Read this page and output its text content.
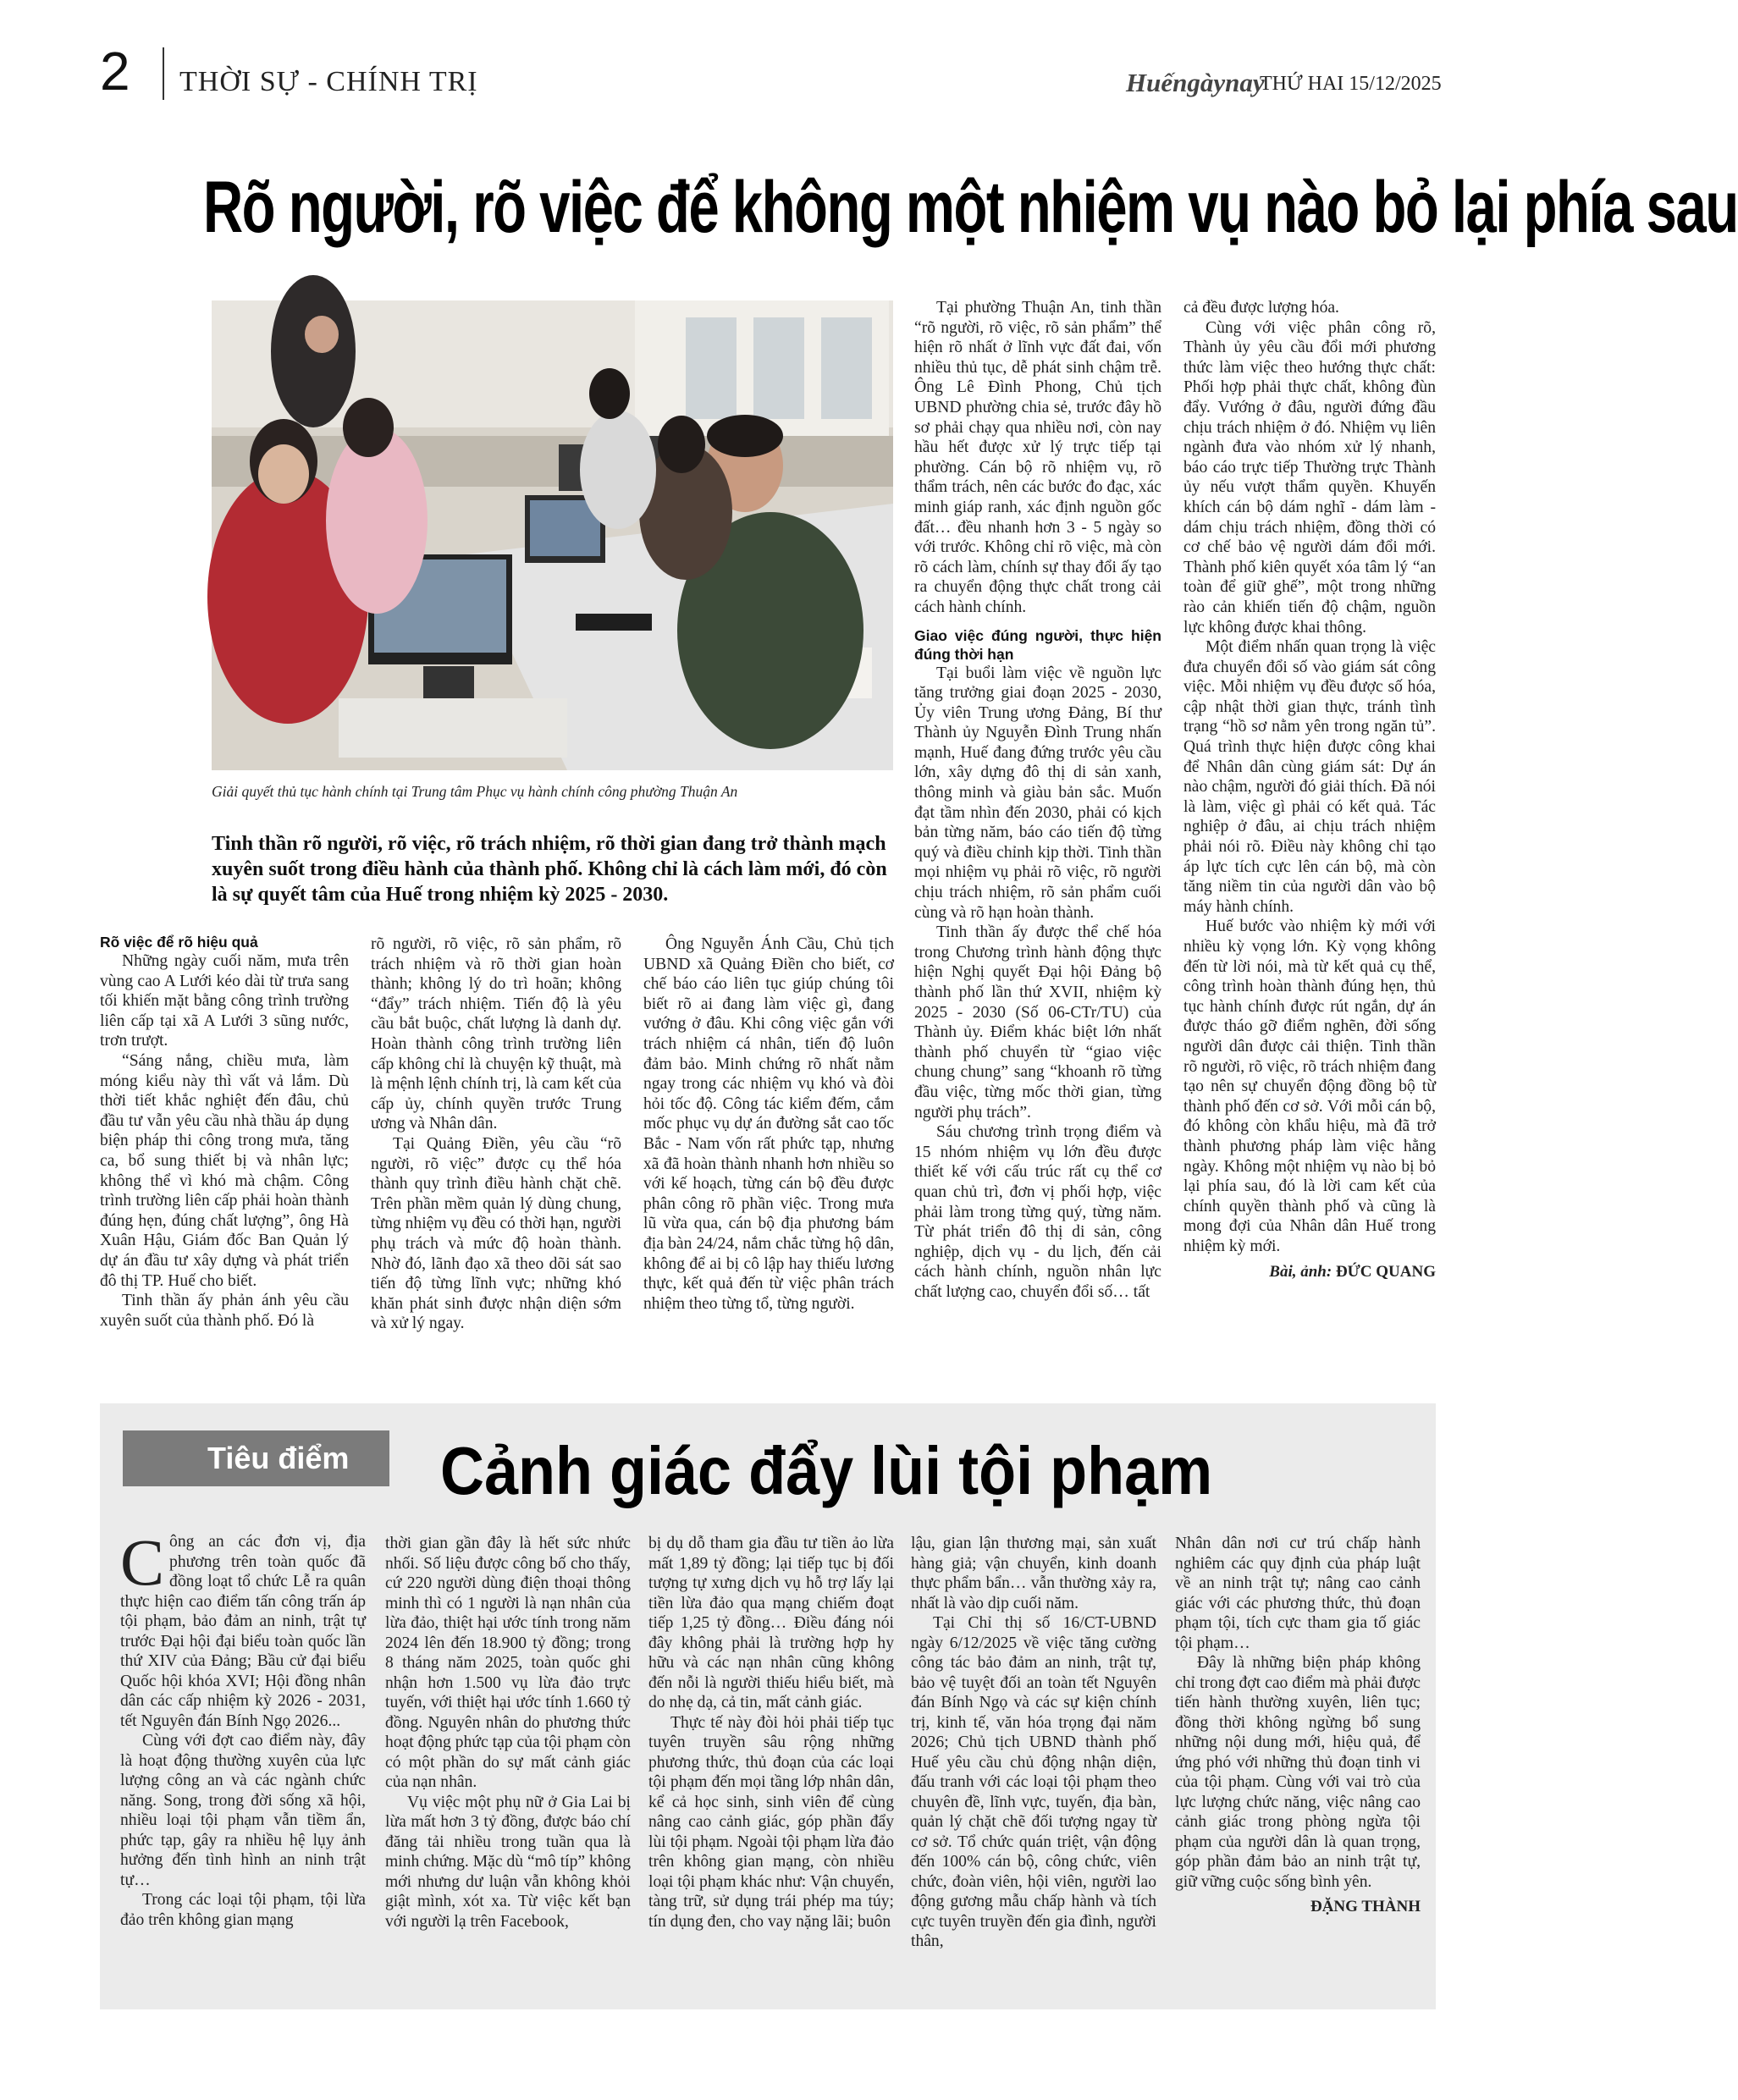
2 THỜI SỰ - CHÍNH TRỊ	Huếngàynay
THỨ HAI 15/12/2025
Rõ người, rõ việc để không một nhiệm vụ nào bỏ lại phía sau
Giải quyết thủ tục hành chính tại Trung tâm Phục vụ hành chính công phường Thuận An
Tinh thần rõ người, rõ việc, rõ trách nhiệm, rõ thời gian đang trở thành mạch xuyên suốt trong điều hành của thành phố. Không chỉ là cách làm mới, đó còn là sự quyết tâm của Huế trong nhiệm kỳ 2025 - 2030.
Rõ việc để rõ hiệu quả

Những ngày cuối năm, mưa trên vùng cao A Lưới kéo dài từ trưa sang tối khiến mặt bằng công trình trường liên cấp tại xã A Lưới 3 sũng nước, trơn trượt.

“Sáng nắng, chiều mưa, làm móng kiểu này thì vất vả lắm. Dù thời tiết khắc nghiệt đến đâu, chủ đầu tư vẫn yêu cầu nhà thầu áp dụng biện pháp thi công trong mưa, tăng ca, bổ sung thiết bị và nhân lực; không thể vì khó mà chậm. Công trình trường liên cấp phải hoàn thành đúng hẹn, đúng chất lượng”, ông Hà Xuân Hậu, Giám đốc Ban Quản lý dự án đầu tư xây dựng và phát triển đô thị TP. Huế cho biết.

Tinh thần ấy phản ánh yêu cầu xuyên suốt của thành phố. Đó là

rõ người, rõ việc, rõ sản phẩm, rõ trách nhiệm và rõ thời gian hoàn thành; không lý do trì hoãn; không “đẩy” trách nhiệm. Tiến độ là yêu cầu bắt buộc, chất lượng là danh dự. Hoàn thành công trình trường liên cấp không chỉ là chuyện kỹ thuật, mà là mệnh lệnh chính trị, là cam kết của cấp ủy, chính quyền trước Trung ương và Nhân dân.

Tại Quảng Điền, yêu cầu “rõ người, rõ việc” được cụ thể hóa thành quy trình điều hành chặt chẽ. Trên phần mềm quản lý dùng chung, từng nhiệm vụ đều có thời hạn, người phụ trách và mức độ hoàn thành. Nhờ đó, lãnh đạo xã theo dõi sát sao tiến độ từng lĩnh vực; những khó khăn phát sinh được nhận diện sớm và xử lý ngay.

Ông Nguyễn Ánh Cầu, Chủ tịch UBND xã Quảng Điền cho biết, cơ chế báo cáo liên tục giúp chúng tôi biết rõ ai đang làm việc gì, đang vướng ở đâu. Khi công việc gắn với trách nhiệm cá nhân, tiến độ luôn đảm bảo. Minh chứng rõ nhất nằm ngay trong các nhiệm vụ khó và đòi hỏi tốc độ. Công tác kiểm đếm, cắm mốc phục vụ dự án đường sắt cao tốc Bắc - Nam vốn rất phức tạp, nhưng xã đã hoàn thành nhanh hơn nhiều so với kế hoạch, từng cán bộ đều được phân công rõ phần việc. Trong mưa lũ vừa qua, cán bộ địa phương bám địa bàn 24/24, nắm chắc từng hộ dân, không để ai bị cô lập hay thiếu lương thực, kết quả đến từ việc phân trách nhiệm theo từng tổ, từng người.

Tại phường Thuận An, tinh thần “rõ người, rõ việc, rõ sản phẩm” thể hiện rõ nhất ở lĩnh vực đất đai, vốn nhiều thủ tục, dễ phát sinh chậm trễ. Ông Lê Đình Phong, Chủ tịch UBND phường chia sẻ, trước đây hồ sơ phải chạy qua nhiều nơi, còn nay hầu hết được xử lý trực tiếp tại phường. Cán bộ rõ nhiệm vụ, rõ thẩm trách, nên các bước đo đạc, xác minh giáp ranh, xác định nguồn gốc đất… đều nhanh hơn 3 - 5 ngày so với trước. Không chỉ rõ việc, mà còn rõ cách làm, chính sự thay đổi ấy tạo ra chuyển động thực chất trong cải cách hành chính.

Giao việc đúng người, thực hiện đúng thời hạn

Tại buổi làm việc về nguồn lực tăng trưởng giai đoạn 2025 - 2030, Ủy viên Trung ương Đảng, Bí thư Thành ủy Nguyễn Đình Trung nhấn mạnh, Huế đang đứng trước yêu cầu lớn, xây dựng đô thị di sản xanh, thông minh và giàu bản sắc. Muốn đạt tầm nhìn đến 2030, phải có kịch bản từng năm, báo cáo tiến độ từng quý và điều chỉnh kịp thời. Tinh thần mọi nhiệm vụ phải rõ việc, rõ người chịu trách nhiệm, rõ sản phẩm cuối cùng và rõ hạn hoàn thành.

Tinh thần ấy được thể chế hóa trong Chương trình hành động thực hiện Nghị quyết Đại hội Đảng bộ thành phố lần thứ XVII, nhiệm kỳ 2025 - 2030 (Số 06-CTr/TU) của Thành ủy. Điểm khác biệt lớn nhất thành phố chuyển từ “giao việc chung chung” sang “khoanh rõ từng đầu việc, từng mốc thời gian, từng người phụ trách”.

Sáu chương trình trọng điểm và 15 nhóm nhiệm vụ lớn đều được thiết kế với cấu trúc rất cụ thể cơ quan chủ trì, đơn vị phối hợp, việc phải làm trong từng quý, từng năm. Từ phát triển đô thị di sản, công nghiệp, dịch vụ - du lịch, đến cải cách hành chính, nguồn nhân lực chất lượng cao, chuyển đổi số… tất

cả đều được lượng hóa.

Cùng với việc phân công rõ, Thành ủy yêu cầu đổi mới phương thức làm việc theo hướng thực chất: Phối hợp phải thực chất, không đùn đẩy. Vướng ở đâu, người đứng đầu chịu trách nhiệm ở đó. Nhiệm vụ liên ngành đưa vào nhóm xử lý nhanh, báo cáo trực tiếp Thường trực Thành ủy nếu vượt thẩm quyền. Khuyến khích cán bộ dám nghĩ - dám làm - dám chịu trách nhiệm, đồng thời có cơ chế bảo vệ người dám đổi mới. Thành phố kiên quyết xóa tâm lý “an toàn để giữ ghế”, một trong những rào cản khiến tiến độ chậm, nguồn lực không được khai thông.

Một điểm nhấn quan trọng là việc đưa chuyển đổi số vào giám sát công việc. Mỗi nhiệm vụ đều được số hóa, cập nhật thời gian thực, tránh tình trạng “hồ sơ nằm yên trong ngăn tủ”. Quá trình thực hiện được công khai để Nhân dân cùng giám sát: Dự án nào chậm, người đó giải thích. Đã nói là làm, việc gì phải có kết quả. Tác nghiệp ở đâu, ai chịu trách nhiệm phải nói rõ. Điều này không chỉ tạo áp lực tích cực lên cán bộ, mà còn tăng niềm tin của người dân vào bộ máy hành chính.

Huế bước vào nhiệm kỳ mới với nhiều kỳ vọng lớn. Kỳ vọng không đến từ lời nói, mà từ kết quả cụ thể, công trình hoàn thành đúng hẹn, thủ tục hành chính được rút ngắn, dự án được tháo gỡ điểm nghẽn, đời sống người dân được cải thiện. Tinh thần rõ người, rõ việc, rõ trách nhiệm đang tạo nên sự chuyển động đồng bộ từ thành phố đến cơ sở. Với mỗi cán bộ, đó không còn khẩu hiệu, mà đã trở thành phương pháp làm việc hằng ngày. Không một nhiệm vụ nào bị bỏ lại phía sau, đó là lời cam kết của chính quyền thành phố và cũng là mong đợi của Nhân dân Huế trong nhiệm kỳ mới.

Bài, ảnh: ĐỨC QUANG
Tiêu điểm	Cảnh giác đẩy lùi tội phạm

Công an các đơn vị, địa phương trên toàn quốc đã đồng loạt tổ chức Lễ ra quân thực hiện cao điểm tấn công trấn áp tội phạm, bảo đảm an ninh, trật tự trước Đại hội đại biểu toàn quốc lần thứ XIV của Đảng; Bầu cử đại biểu Quốc hội khóa XVI; Hội đồng nhân dân các cấp nhiệm kỳ 2026 - 2031, tết Nguyên đán Bính Ngọ 2026...

Cùng với đợt cao điểm này, đây là hoạt động thường xuyên của lực lượng công an và các ngành chức năng. Song, trong đời sống xã hội, nhiều loại tội phạm vẫn tiềm ẩn, phức tạp, gây ra nhiều hệ lụy ảnh hưởng đến tình hình an ninh trật tự…

Trong các loại tội phạm, tội lừa đảo trên không gian mạng

thời gian gần đây là hết sức nhức nhối. Số liệu được công bố cho thấy, cứ 220 người dùng điện thoại thông minh thì có 1 người là nạn nhân của lừa đảo, thiệt hại ước tính trong năm 2024 lên đến 18.900 tỷ đồng; trong 8 tháng năm 2025, toàn quốc ghi nhận hơn 1.500 vụ lừa đảo trực tuyến, với thiệt hại ước tính 1.660 tỷ đồng. Nguyên nhân do phương thức hoạt động phức tạp của tội phạm còn có một phần do sự mất cảnh giác của nạn nhân.

Vụ việc một phụ nữ ở Gia Lai bị lừa mất hơn 3 tỷ đồng, được báo chí đăng tải nhiều trong tuần qua là minh chứng. Mặc dù “mô típ” không mới nhưng dư luận vẫn không khỏi giật mình, xót xa. Từ việc kết bạn với người lạ trên Facebook,

bị dụ dỗ tham gia đầu tư tiền ảo lừa mất 1,89 tỷ đồng; lại tiếp tục bị đối tượng tự xưng dịch vụ hỗ trợ lấy lại tiền lừa đảo qua mạng chiếm đoạt tiếp 1,25 tỷ đồng… Điều đáng nói đây không phải là trường hợp hy hữu và các nạn nhân cũng không đến nỗi là người thiếu hiểu biết, mà do nhẹ dạ, cả tin, mất cảnh giác.

Thực tế này đòi hỏi phải tiếp tục tuyên truyền sâu rộng những phương thức, thủ đoạn của các loại tội phạm đến mọi tầng lớp nhân dân, kể cả học sinh, sinh viên để cùng nâng cao cảnh giác, góp phần đẩy lùi tội phạm. Ngoài tội phạm lừa đảo trên không gian mạng, còn nhiều loại tội phạm khác như: Vận chuyển, tàng trữ, sử dụng trái phép ma túy; tín dụng đen, cho vay nặng lãi; buôn

lậu, gian lận thương mại, sản xuất hàng giả; vận chuyển, kinh doanh thực phẩm bẩn… vẫn thường xảy ra, nhất là vào dịp cuối năm.

Tại Chỉ thị số 16/CT-UBND ngày 6/12/2025 về việc tăng cường công tác bảo đảm an ninh, trật tự, bảo vệ tuyệt đối an toàn tết Nguyên đán Bính Ngọ và các sự kiện chính trị, kinh tế, văn hóa trọng đại năm 2026; Chủ tịch UBND thành phố Huế yêu cầu chủ động nhận diện, đấu tranh với các loại tội phạm theo chuyên đề, lĩnh vực, tuyến, địa bàn, quản lý chặt chẽ đối tượng ngay từ cơ sở. Tổ chức quán triệt, vận động đến 100% cán bộ, công chức, viên chức, đoàn viên, hội viên, người lao động gương mẫu chấp hành và tích cực tuyên truyền đến gia đình, người thân,

Nhân dân nơi cư trú chấp hành nghiêm các quy định của pháp luật về an ninh trật tự; nâng cao cảnh giác với các phương thức, thủ đoạn phạm tội, tích cực tham gia tố giác tội phạm…

Đây là những biện pháp không chỉ trong đợt cao điểm mà phải được tiến hành thường xuyên, liên tục; đồng thời không ngừng bổ sung những nội dung mới, hiệu quả, để ứng phó với những thủ đoạn tinh vi của tội phạm. Cùng với vai trò của lực lượng chức năng, việc nâng cao cảnh giác trong phòng ngừa tội phạm của người dân là quan trọng, góp phần đảm bảo an ninh trật tự, giữ vững cuộc sống bình yên.

ĐẶNG THÀNH
